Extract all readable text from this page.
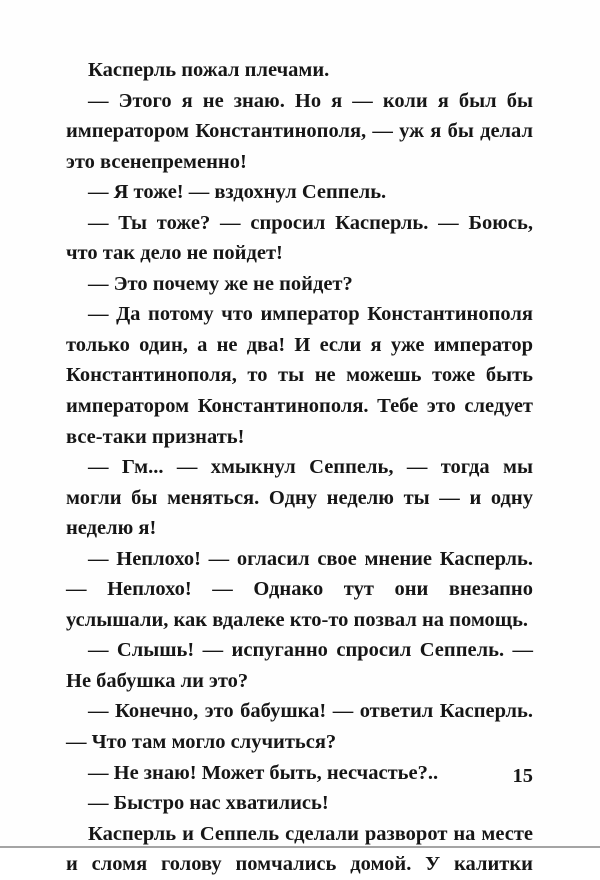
Касперль пожал плечами.

— Этого я не знаю. Но я — коли я был бы императором Константинополя, — уж я бы делал это всенепременно!

— Я тоже! — вздохнул Сеппель.

— Ты тоже? — спросил Касперль. — Боюсь, что так дело не пойдет!

— Это почему же не пойдет?

— Да потому что император Константинополя только один, а не два! И если я уже император Константинополя, то ты не можешь тоже быть императором Константинополя. Тебе это следует все-таки признать!

— Гм... — хмыкнул Сеппель, — тогда мы могли бы меняться. Одну неделю ты — и одну неделю я!

— Неплохо! — огласил свое мнение Касперль. — Неплохо! — Однако тут они внезапно услышали, как вдалеке кто-то позвал на помощь.

— Слышь! — испуганно спросил Сеппель. — Не бабушка ли это?

— Конечно, это бабушка! — ответил Касперль. — Что там могло случиться?

— Не знаю! Может быть, несчастье?..

— Быстро нас хватились!

Касперль и Сеппель сделали разворот на месте и сломя голову помчались домой. У калитки

15
